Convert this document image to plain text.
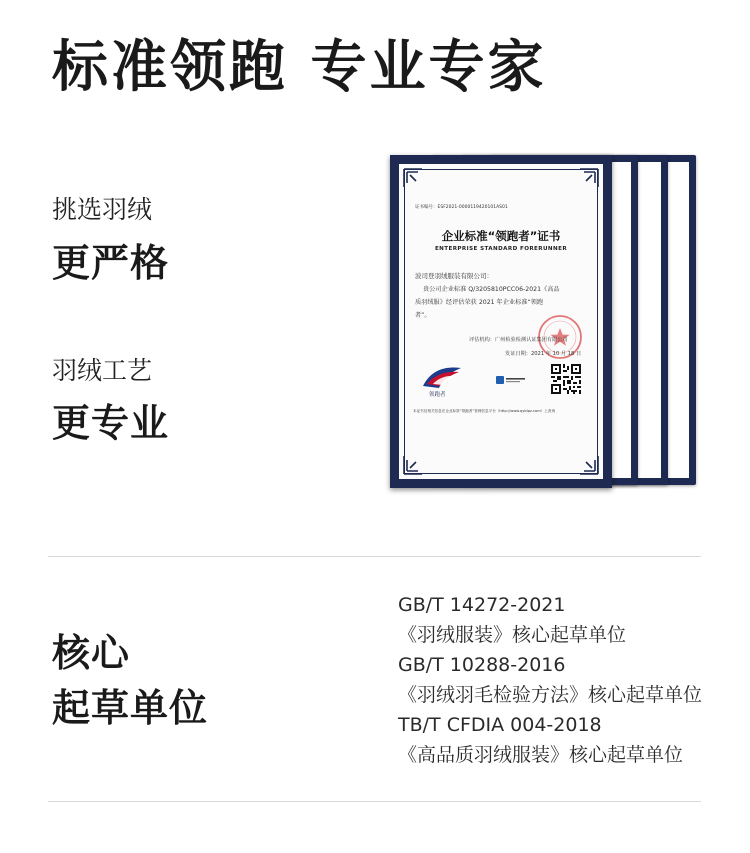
标准领跑 专业专家
挑选羽绒
更严格
羽绒工艺
更专业
证书编号：ESF2021-0000119420101AS01
企业标准“领跑者”证书
ENTERPRISE STANDARD FORERUNNER
波司登羽绒服装有限公司：
贵公司企业标准 Q/3205810PCC06-2021《高品
质羽绒服》经评估荣获 2021 年企业标准“领跑
者”。
评估机构：广州检验检测认证集团有限公司
发证日期：2021 年 10 月 18 日
领跑者
本证书及相关信息在企业标准“领跑者”管理信息平台（http://www.qyblpz.com）上查询
核心
起草单位
GB/T 14272-2021
《羽绒服装》核心起草单位
GB/T 10288-2016
《羽绒羽毛检验方法》核心起草单位
TB/T CFDIA 004-2018
《高品质羽绒服装》核心起草单位
